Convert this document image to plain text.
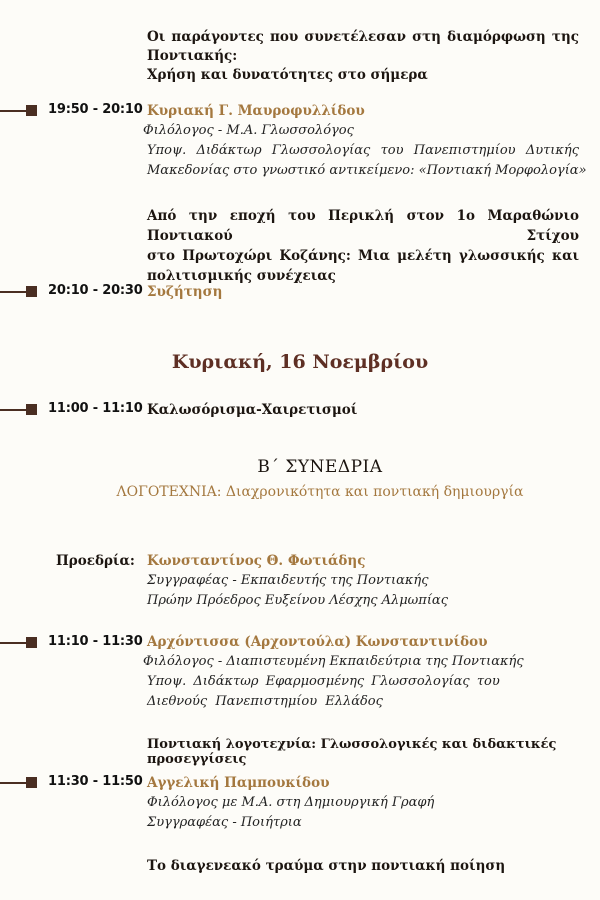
Οι παράγοντες που συνετέλεσαν στη διαμόρφωση της Ποντιακής:
Χρήση και δυνατότητες στο σήμερα
19:50 - 20:10 Κυριακή Γ. Μαυροφυλλίδου
Φιλόλογος - Μ.Α. Γλωσσολόγος
Υποψ. Διδάκτωρ Γλωσσολογίας του Πανεπιστημίου Δυτικής
Μακεδονίας στο γνωστικό αντικείμενο: «Ποντιακή Μορφολογία»
Από την εποχή του Περικλή στον 1ο Μαραθώνιο Ποντιακού Στίχου
στο Πρωτοχώρι Κοζάνης: Μια μελέτη γλωσσικής και
πολιτισμικής συνέχειας
20:10 - 20:30 Συζήτηση
Κυριακή, 16 Νοεμβρίου
11:00 - 11:10 Καλωσόρισμα-Χαιρετισμοί
Β΄ ΣΥΝΕΔΡΙΑ
ΛΟΓΟΤΕΧΝΙΑ: Διαχρονικότητα και ποντιακή δημιουργία
Προεδρία: Κωνσταντίνος Θ. Φωτιάδης
Συγγραφέας - Εκπαιδευτής της Ποντιακής
Πρώην Πρόεδρος Ευξείνου Λέσχης Αλμωπίας
11:10 - 11:30 Αρχόντισσα (Αρχοντούλα) Κωνσταντινίδου
Φιλόλογος - Διαπιστευμένη Εκπαιδεύτρια της Ποντιακής
Υποψ. Διδάκτωρ Εφαρμοσμένης Γλωσσολογίας του
Διεθνούς Πανεπιστημίου Ελλάδος
Ποντιακή λογοτεχνία: Γλωσσολογικές και διδακτικές προσεγγίσεις
11:30 - 11:50 Αγγελική Παμπουκίδου
Φιλόλογος με Μ.Α. στη Δημιουργική Γραφή
Συγγραφέας - Ποιήτρια
Το διαγενεακό τραύμα στην ποντιακή ποίηση
